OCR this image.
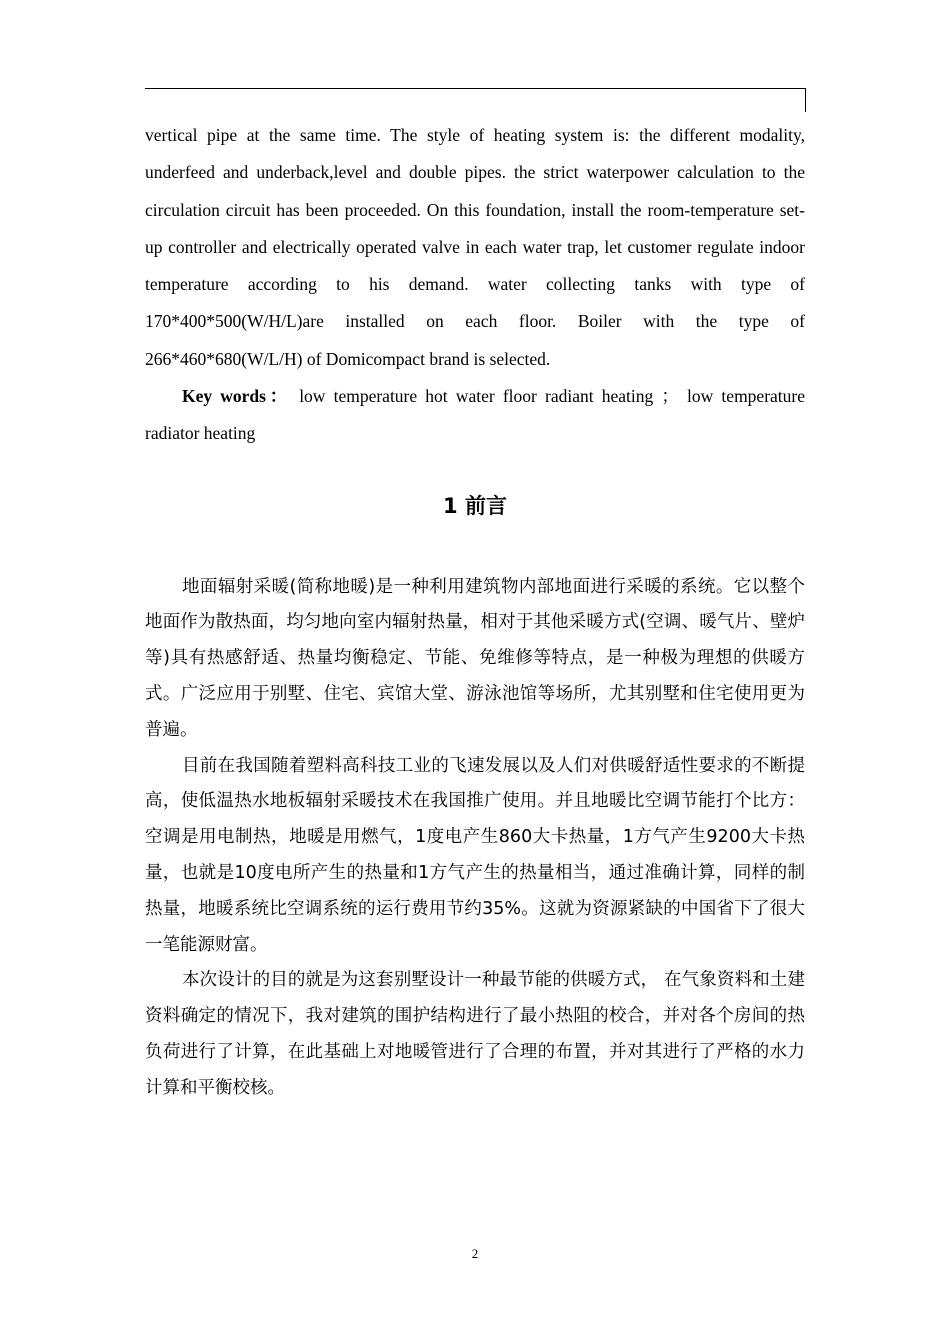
vertical pipe at the same time. The style of heating system is: the different modality, underfeed and underback,level and double pipes. the strict waterpower calculation to the circulation circuit has been proceeded. On this foundation, install the room-temperature set-up controller and electrically operated valve in each water trap, let customer regulate indoor temperature according to his demand. water collecting tanks with type of 170*400*500(W/H/L)are installed on each floor. Boiler with the type of 266*460*680(W/L/H) of Domicompact brand is selected.

Key words： low temperature hot water floor radiant heating ； low temperature radiator heating

1 前言

地面辐射采暖(简称地暖)是一种利用建筑物内部地面进行采暖的系统。它以整个地面作为散热面，均匀地向室内辐射热量，相对于其他采暖方式(空调、暖气片、壁炉等)具有热感舒适、热量均衡稳定、节能、免维修等特点，是一种极为理想的供暖方式。广泛应用于别墅、住宅、宾馆大堂、游泳池馆等场所，尤其别墅和住宅使用更为普遍。

目前在我国随着塑料高科技工业的飞速发展以及人们对供暖舒适性要求的不断提高，使低温热水地板辐射采暖技术在我国推广使用。并且地暖比空调节能打个比方：空调是用电制热，地暖是用燃气，1度电产生860大卡热量，1方气产生9200大卡热量，也就是10度电所产生的热量和1方气产生的热量相当，通过准确计算，同样的制热量，地暖系统比空调系统的运行费用节约35%。这就为资源紧缺的中国省下了很大一笔能源财富。

本次设计的目的就是为这套别墅设计一种最节能的供暖方式， 在气象资料和土建资料确定的情况下，我对建筑的围护结构进行了最小热阻的校合，并对各个房间的热负荷进行了计算，在此基础上对地暖管进行了合理的布置，并对其进行了严格的水力计算和平衡校核。

2
